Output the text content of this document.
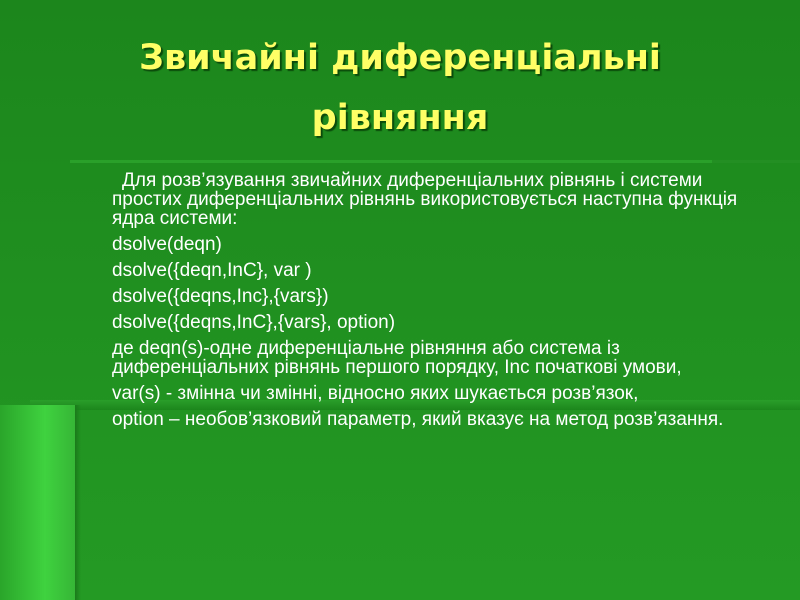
Звичайні диференціальні
рівняння
Для розв’язування звичайних диференціальних рівнянь і системи простих диференціальних рівнянь використовується наступна функція ядра системи:
dsolve(deqn)
dsolve({deqn,InC}, var )
dsolve({deqns,Inc},{vars})
dsolve({deqns,InC},{vars}, option)
де deqn(s)-одне диференціальне рівняння або система із диференціальних рівнянь першого порядку, Inc початкові умови,
var(s) - змінна чи змінні, відносно яких шукається розв’язок,
option – необов’язковий параметр, який вказує на метод розв’язання.
